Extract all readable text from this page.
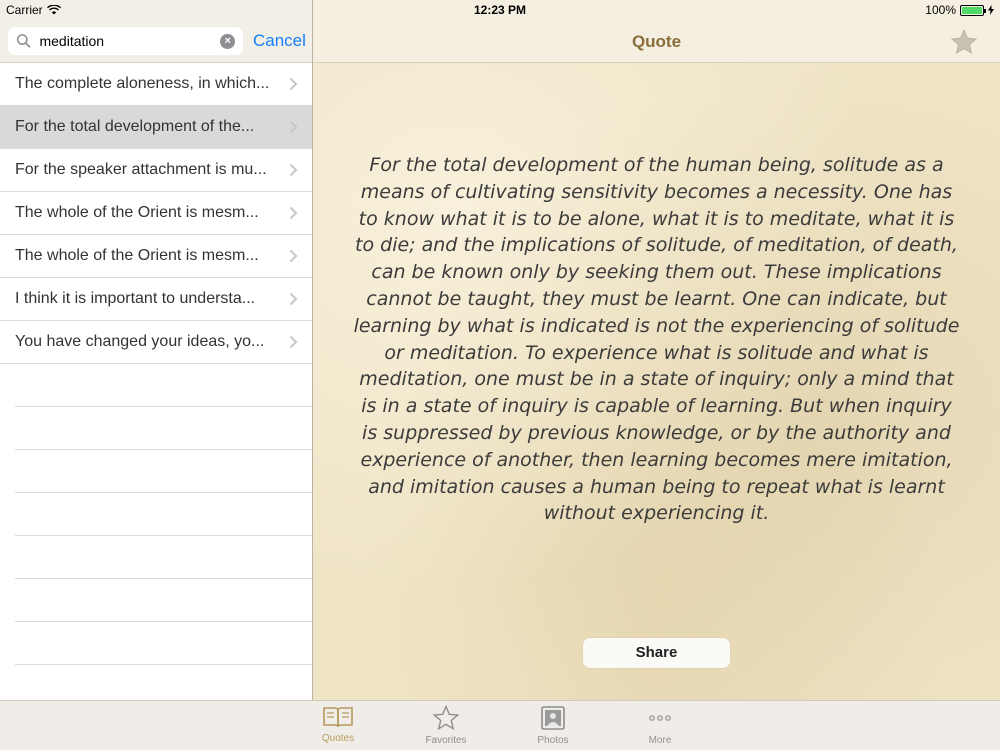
Carrier	12:23 PM	100%
meditation
× Cancel
The complete aloneness, in which...
For the total development of the...
For the speaker attachment is mu...
The whole of the Orient is mesm...
The whole of the Orient is mesm...
I think it is important to understa...
You have changed your ideas, yo...
Quote
For the total development of the human being, solitude as a means of cultivating sensitivity becomes a necessity. One has to know what it is to be alone, what it is to meditate, what it is to die; and the implications of solitude, of meditation, of death, can be known only by seeking them out. These implications cannot be taught, they must be learnt. One can indicate, but learning by what is indicated is not the experiencing of solitude or meditation. To experience what is solitude and what is meditation, one must be in a state of inquiry; only a mind that is in a state of inquiry is capable of learning. But when inquiry is suppressed by previous knowledge, or by the authority and experience of another, then learning becomes mere imitation, and imitation causes a human being to repeat what is learnt without experiencing it.
Share
Quotes	Favorites	Photos	More
